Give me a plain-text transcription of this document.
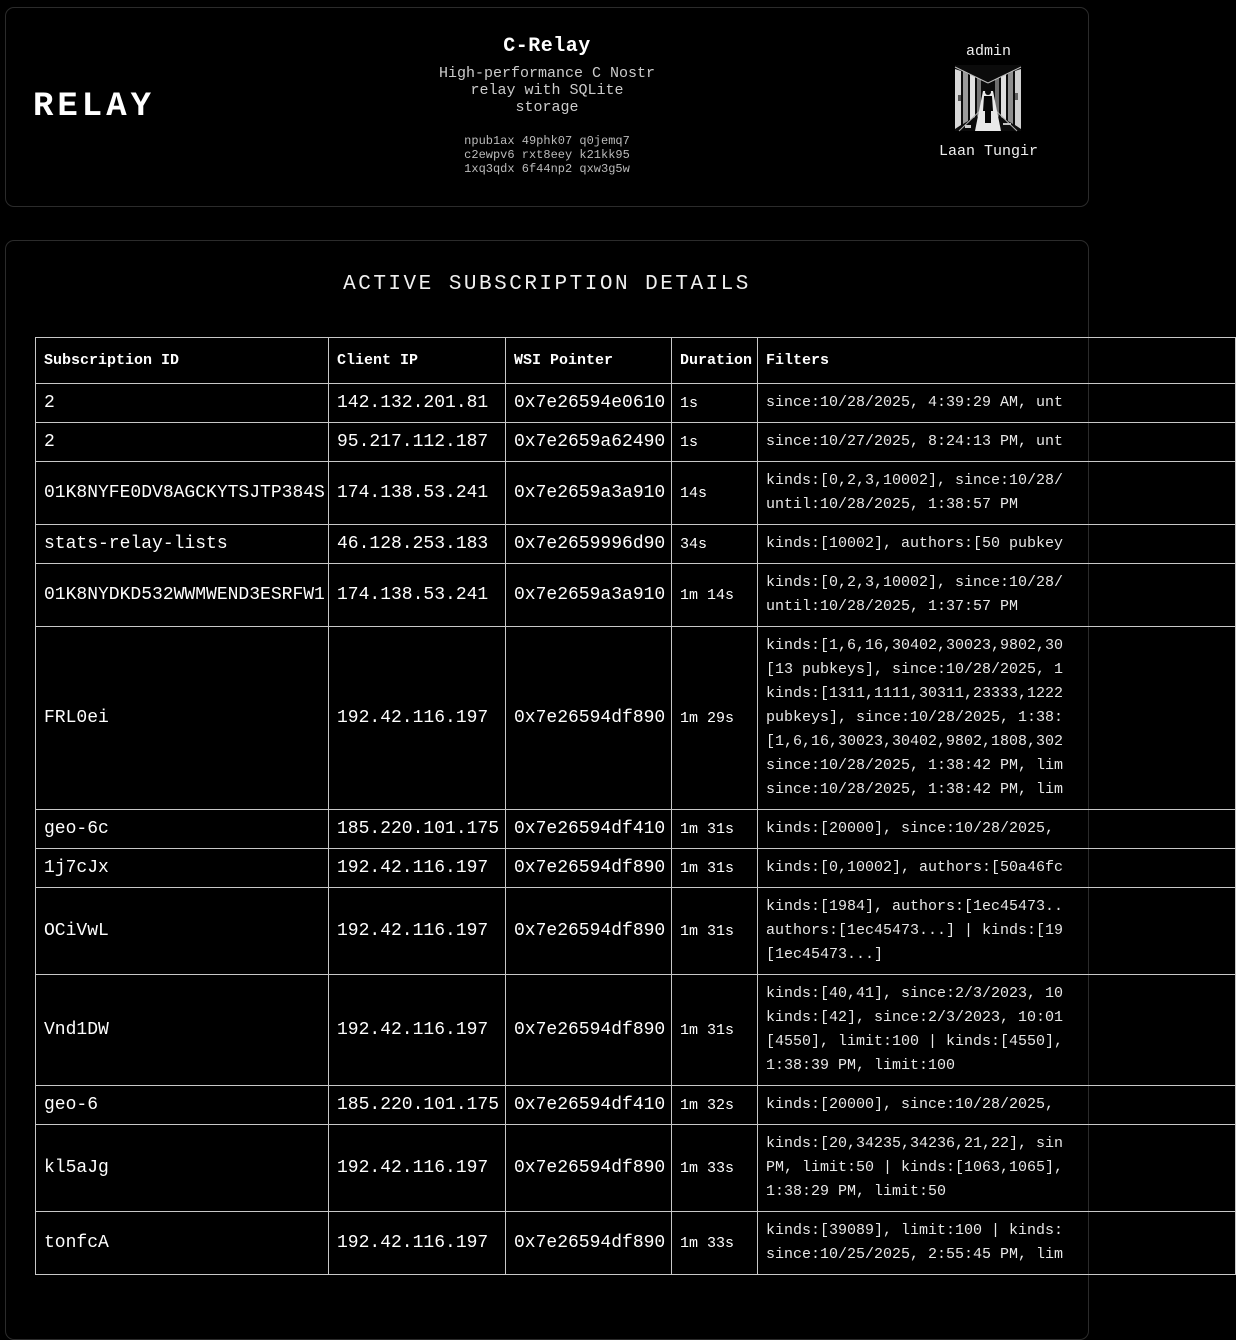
RELAY
C-Relay
High-performance C Nostr
relay with SQLite
storage
npub1ax 49phk07 q0jemq7
c2ewpv6 rxt8eey k21kk95
1xq3qdx 6f44np2 qxw3g5w
admin
Laan Tungir
ACTIVE SUBSCRIPTION DETAILS
Subscription ID	Client IP	WSI Pointer	Duration	Filters
2	142.132.201.81	0x7e26594e0610	1s	since:10/28/2025, 4:39:29 AM, unt

2	95.217.112.187	0x7e2659a62490	1s	since:10/27/2025, 8:24:13 PM, unt

01K8NYFE0DV8AGCKYTSJTP384S	174.138.53.241	0x7e2659a3a910	14s	kinds:[0,2,3,10002], since:10/28/
until:10/28/2025, 1:38:57 PM

stats-relay-lists	46.128.253.183	0x7e2659996d90	34s	kinds:[10002], authors:[50 pubkey

01K8NYDKD532WWMWEND3ESRFW1	174.138.53.241	0x7e2659a3a910	1m 14s	kinds:[0,2,3,10002], since:10/28/
until:10/28/2025, 1:37:57 PM

FRL0ei	192.42.116.197	0x7e26594df890	1m 29s	
kinds:[1,6,16,30402,30023,9802,30
[13 pubkeys], since:10/28/2025, 1
kinds:[1311,1111,30311,23333,1222
pubkeys], since:10/28/2025, 1:38:
[1,6,16,30023,30402,9802,1808,302
since:10/28/2025, 1:38:42 PM, lim
since:10/28/2025, 1:38:42 PM, lim

geo-6c	185.220.101.175	0x7e26594df410	1m 31s	kinds:[20000], since:10/28/2025,

1j7cJx	192.42.116.197	0x7e26594df890	1m 31s	kinds:[0,10002], authors:[50a46fc

OCiVwL	192.42.116.197	0x7e26594df890	1m 31s	kinds:[1984], authors:[1ec45473..
authors:[1ec45473...] | kinds:[19
[1ec45473...]

Vnd1DW	192.42.116.197	0x7e26594df890	1m 31s	kinds:[40,41], since:2/3/2023, 10
kinds:[42], since:2/3/2023, 10:01
[4550], limit:100 | kinds:[4550],
1:38:39 PM, limit:100

geo-6	185.220.101.175	0x7e26594df410	1m 32s	kinds:[20000], since:10/28/2025,

kl5aJg	192.42.116.197	0x7e26594df890	1m 33s	kinds:[20,34235,34236,21,22], sin
PM, limit:50 | kinds:[1063,1065],
1:38:29 PM, limit:50

tonfcA	192.42.116.197	0x7e26594df890	1m 33s	kinds:[39089], limit:100 | kinds:
since:10/25/2025, 2:55:45 PM, lim
